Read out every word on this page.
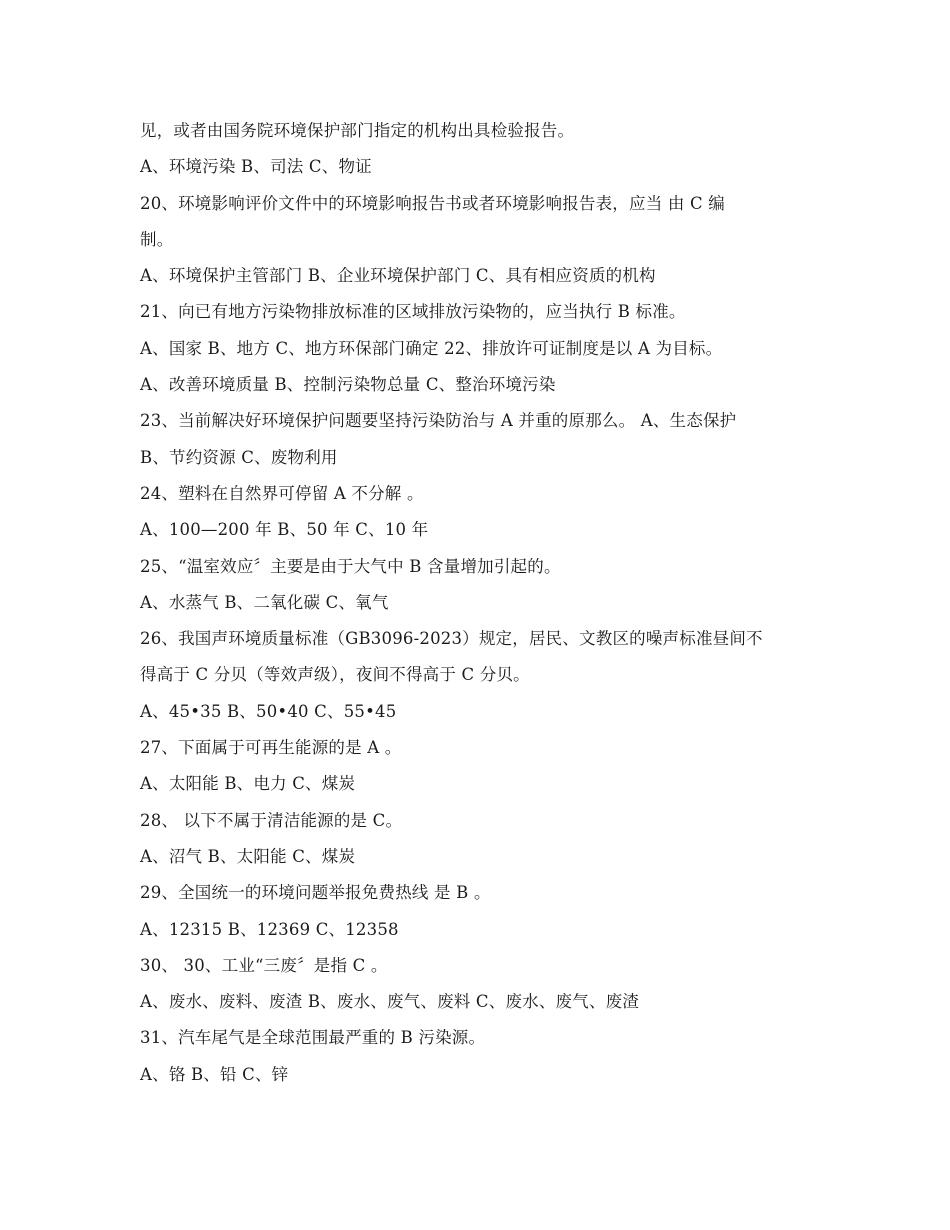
见，或者由国务院环境保护部门指定的机构出具检验报告。
A、环境污染 B、司法 C、物证
20、环境影响评价文件中的环境影响报告书或者环境影响报告表，应当 由 C 编
制。
A、环境保护主管部门 B、企业环境保护部门 C、具有相应资质的机构
21、向已有地方污染物排放标准的区域排放污染物的，应当执行 B 标准。
A、国家 B、地方 C、地方环保部门确定 22、排放许可证制度是以 A 为目标。
A、改善环境质量 B、控制污染物总量 C、整治环境污染
23、当前解决好环境保护问题要坚持污染防治与 A 并重的原那么。 A、生态保护
B、节约资源 C、废物利用
24、塑料在自然界可停留 A 不分解 。
A、100—200 年 B、50 年 C、10 年
25、“温室效应〞主要是由于大气中 B 含量增加引起的。
A、水蒸气 B、二氧化碳 C、氧气
26、我国声环境质量标准（GB3096-2023）规定，居民、文教区的噪声标准昼间不
得高于 C 分贝（等效声级），夜间不得高于 C 分贝。
A、45•35 B、50•40 C、55•45
27、下面属于可再生能源的是 A 。
A、太阳能 B、电力 C、煤炭
28、 以下不属于清洁能源的是 C。
A、沼气 B、太阳能 C、煤炭
29、全国统一的环境问题举报免费热线 是 B 。
A、12315 B、12369 C、12358
30、 30、工业“三废〞是指 C 。
A、废水、废料、废渣 B、废水、废气、废料 C、废水、废气、废渣
31、汽车尾气是全球范围最严重的 B 污染源。
A、铬 B、铅 C、锌
